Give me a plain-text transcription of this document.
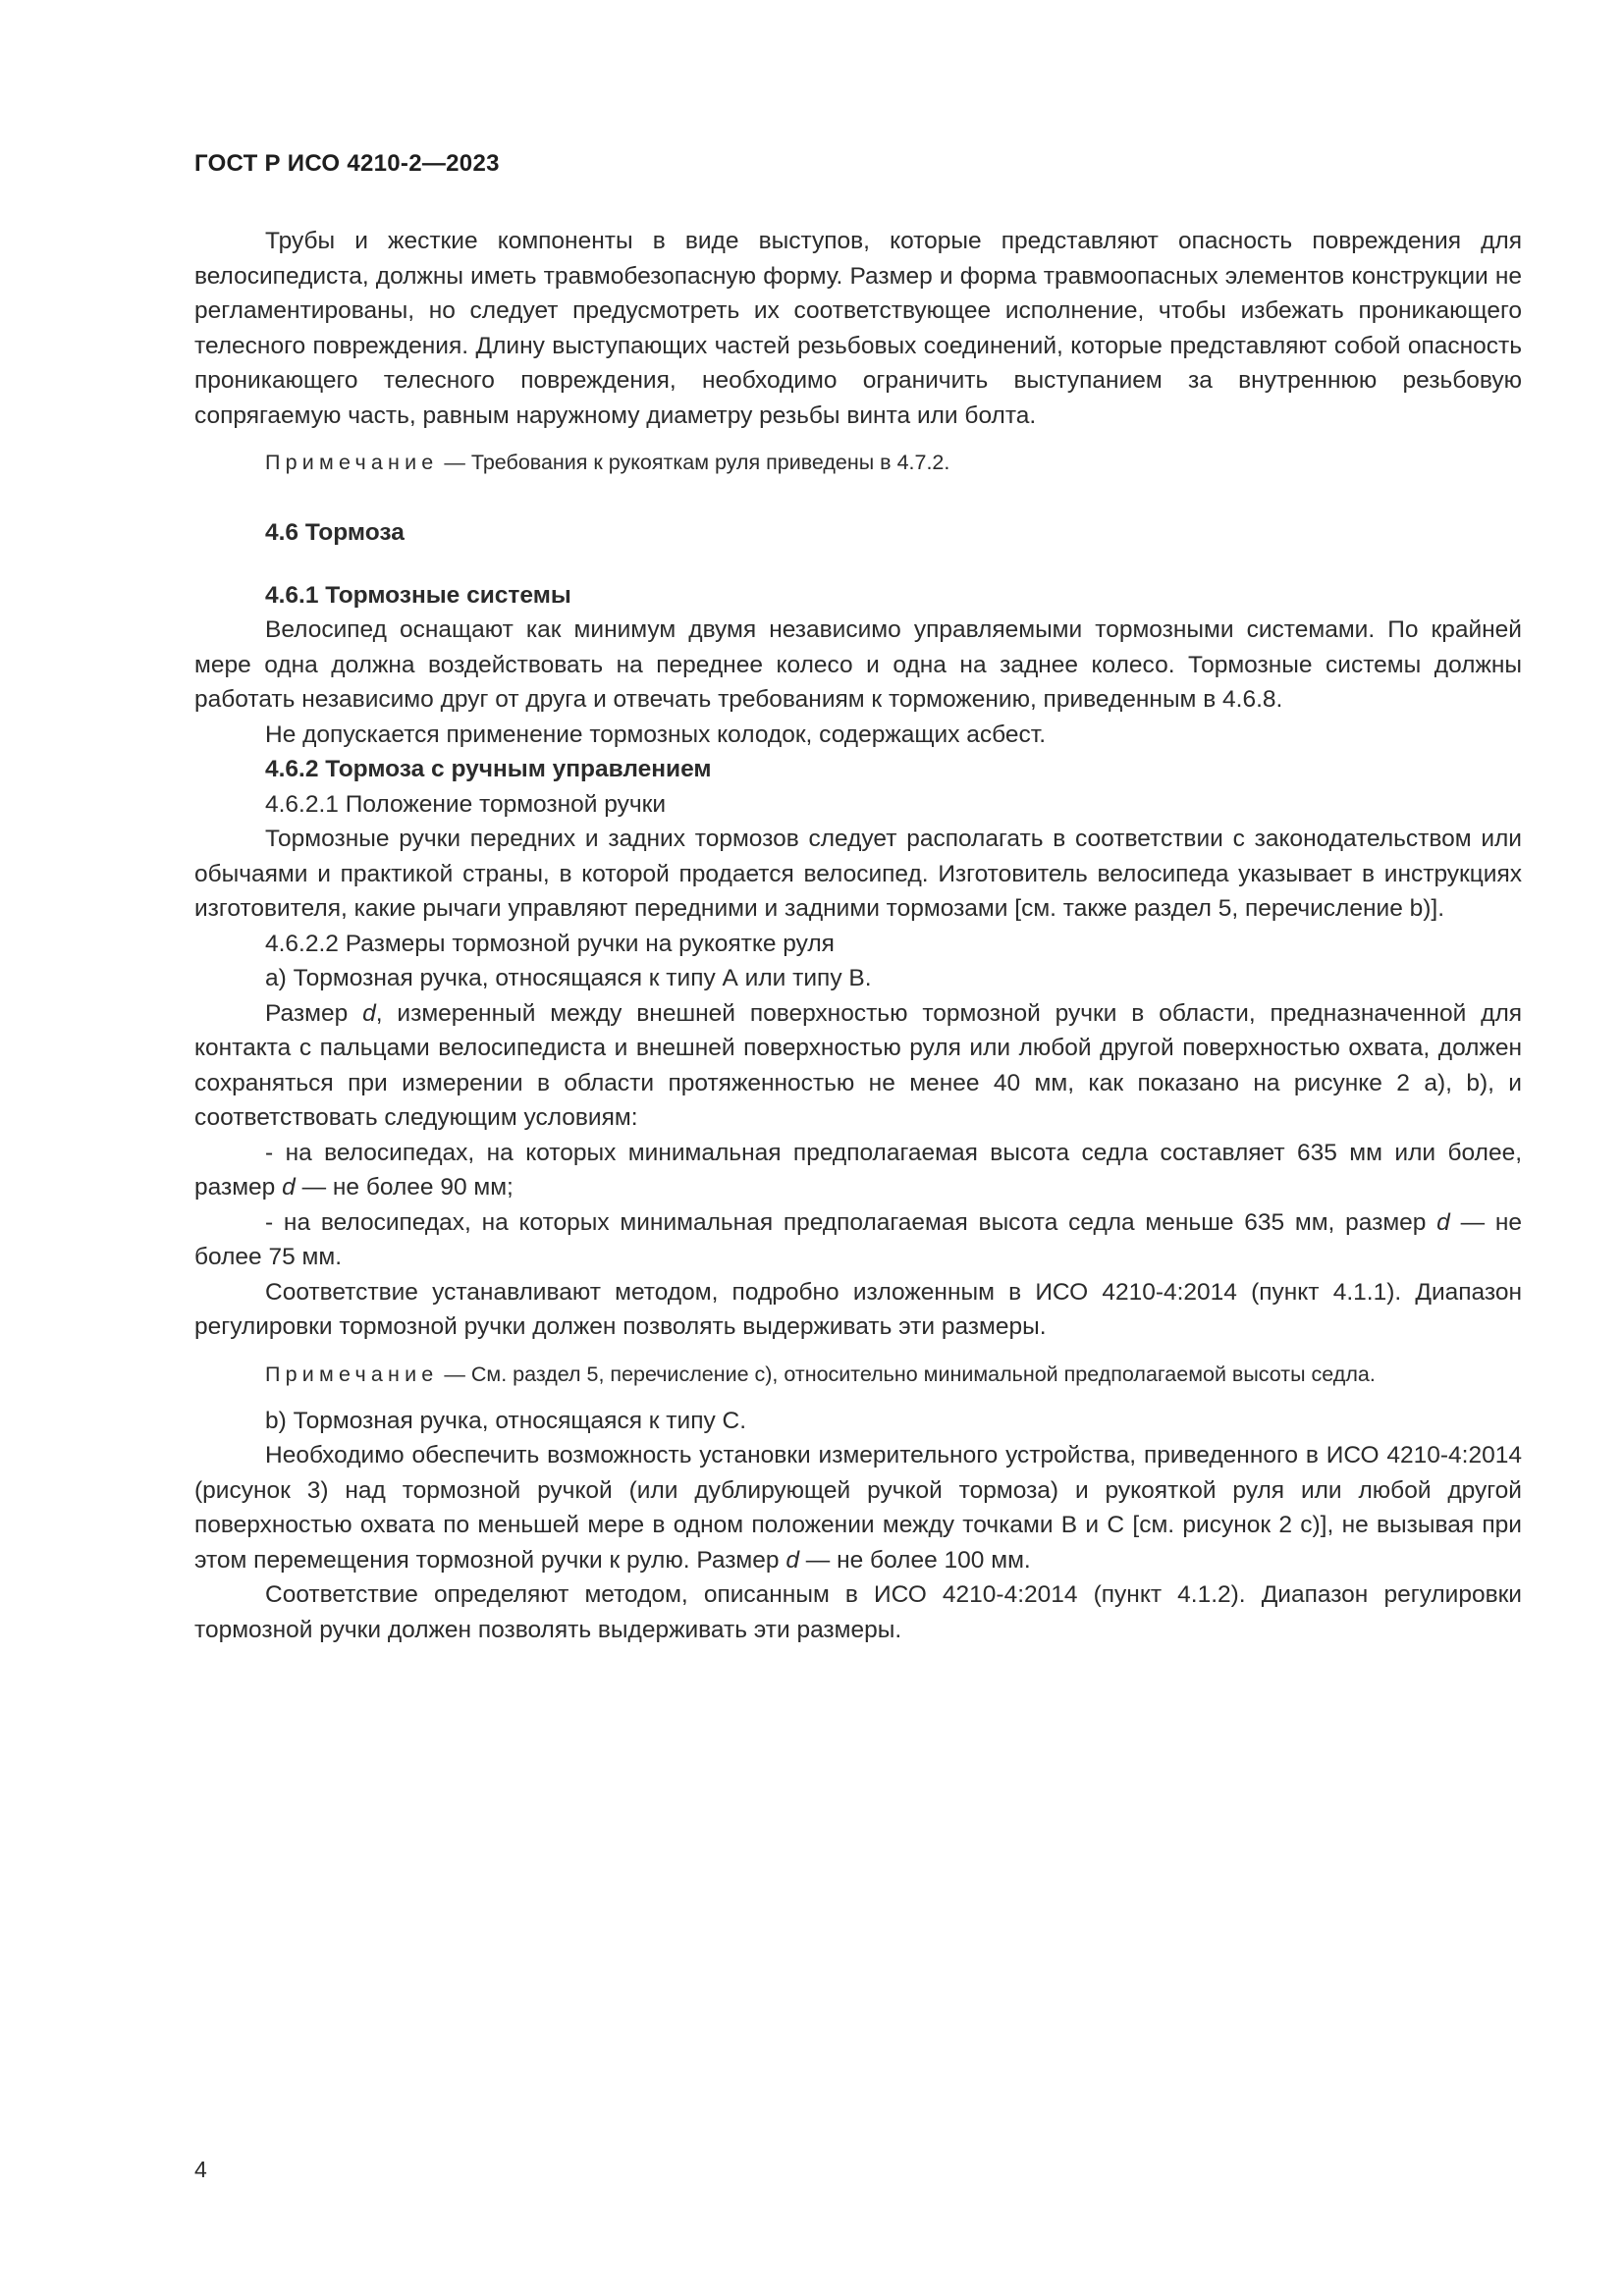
ГОСТ Р ИСО 4210-2—2023

Трубы и жесткие компоненты в виде выступов, которые представляют опасность повреждения для велосипедиста, должны иметь травмобезопасную форму. Размер и форма травмоопасных элементов конструкции не регламентированы, но следует предусмотреть их соответствующее исполнение, чтобы избежать проникающего телесного повреждения. Длину выступающих частей резьбовых соединений, которые представляют собой опасность проникающего телесного повреждения, необходимо ограничить выступанием за внутреннюю резьбовую сопрягаемую часть, равным наружному диаметру резьбы винта или болта.

Примечание — Требования к рукояткам руля приведены в 4.7.2.

4.6 Тормоза

4.6.1 Тормозные системы

Велосипед оснащают как минимум двумя независимо управляемыми тормозными системами. По крайней мере одна должна воздействовать на переднее колесо и одна на заднее колесо. Тормозные системы должны работать независимо друг от друга и отвечать требованиям к торможению, приведенным в 4.6.8.

Не допускается применение тормозных колодок, содержащих асбест.

4.6.2 Тормоза с ручным управлением

4.6.2.1 Положение тормозной ручки

Тормозные ручки передних и задних тормозов следует располагать в соответствии с законодательством или обычаями и практикой страны, в которой продается велосипед. Изготовитель велосипеда указывает в инструкциях изготовителя, какие рычаги управляют передними и задними тормозами [см. также раздел 5, перечисление b)].

4.6.2.2 Размеры тормозной ручки на рукоятке руля

а) Тормозная ручка, относящаяся к типу А или типу В.

Размер d, измеренный между внешней поверхностью тормозной ручки в области, предназначенной для контакта с пальцами велосипедиста и внешней поверхностью руля или любой другой поверхностью охвата, должен сохраняться при измерении в области протяженностью не менее 40 мм, как показано на рисунке 2 а), b), и соответствовать следующим условиям:

- на велосипедах, на которых минимальная предполагаемая высота седла составляет 635 мм или более, размер d — не более 90 мм;

- на велосипедах, на которых минимальная предполагаемая высота седла меньше 635 мм, размер d — не более 75 мм.

Соответствие устанавливают методом, подробно изложенным в ИСО 4210-4:2014 (пункт 4.1.1). Диапазон регулировки тормозной ручки должен позволять выдерживать эти размеры.

Примечание — См. раздел 5, перечисление с), относительно минимальной предполагаемой высоты седла.

b) Тормозная ручка, относящаяся к типу С.

Необходимо обеспечить возможность установки измерительного устройства, приведенного в ИСО 4210-4:2014 (рисунок 3) над тормозной ручкой (или дублирующей ручкой тормоза) и рукояткой руля или любой другой поверхностью охвата по меньшей мере в одном положении между точками В и С [см. рисунок 2 с)], не вызывая при этом перемещения тормозной ручки к рулю. Размер d — не более 100 мм.

Соответствие определяют методом, описанным в ИСО 4210-4:2014 (пункт 4.1.2). Диапазон регулировки тормозной ручки должен позволять выдерживать эти размеры.

4
